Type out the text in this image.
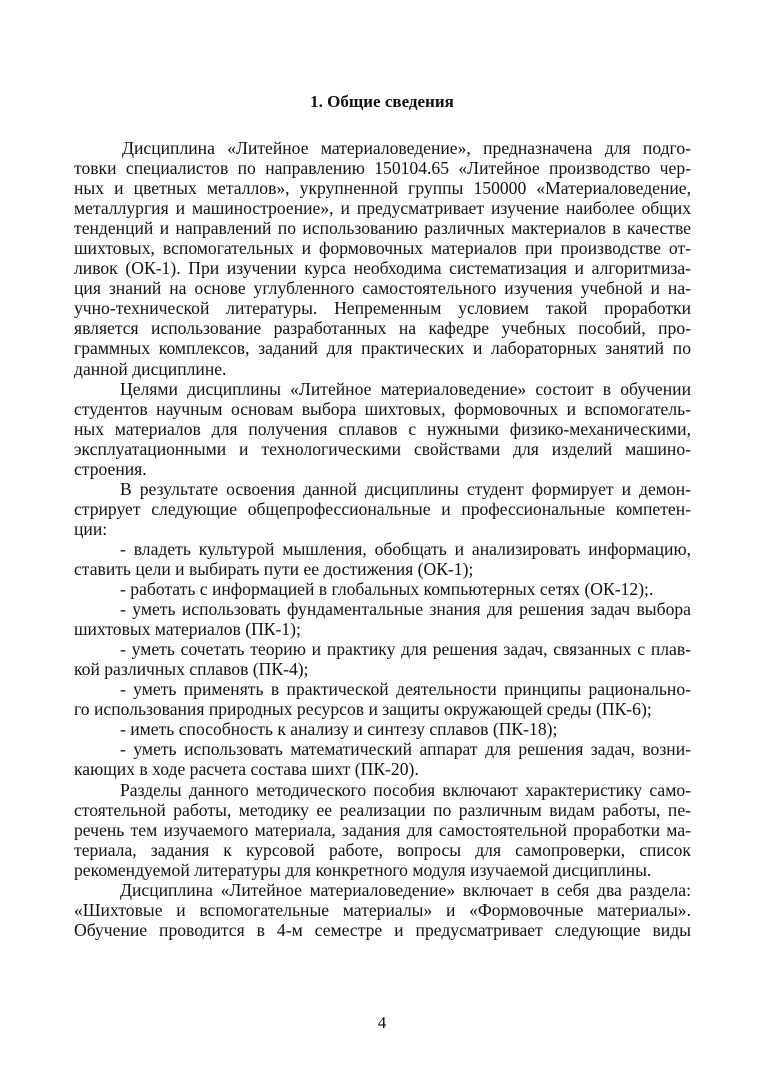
1. Общие сведения
Дисциплина «Литейное материаловедение», предназначена для подго-
товки специалистов по направлению 150104.65 «Литейное производство чер-
ных и цветных металлов», укрупненной группы 150000 «Материаловедение,
металлургия и машиностроение», и предусматривает изучение наиболее общих
тенденций и направлений по использованию различных мактериалов в качестве
шихтовых, вспомогательных и формовочных материалов при производстве от-
ливок (ОК-1). При изучении курса необходима систематизация и алгоритмиза-
ция знаний на основе углубленного самостоятельного изучения учебной и на-
учно-технической литературы. Непременным условием такой проработки
является использование разработанных на кафедре учебных пособий, про-
граммных комплексов, заданий для практических и лабораторных занятий по
данной дисциплине.
Целями дисциплины «Литейное материаловедение» состоит в обучении
студентов научным основам выбора шихтовых, формовочных и вспомогатель-
ных материалов для получения сплавов с нужными физико-механическими,
эксплуатационными и технологическими свойствами для изделий машино-
строения.
В результате освоения данной дисциплины студент формирует и демон-
стрирует следующие общепрофессиональные и профессиональные компетен-
ции:
- владеть культурой мышления, обобщать и анализировать информацию,
ставить цели и выбирать пути ее достижения (ОК-1);
- работать с информацией в глобальных компьютерных сетях (ОК-12);.
- уметь использовать фундаментальные знания для решения задач выбора
шихтовых материалов (ПК-1);
- уметь сочетать теорию и практику для решения задач, связанных с плав-
кой различных сплавов (ПК-4);
- уметь применять в практической деятельности принципы рационально-
го использования природных ресурсов и защиты окружающей среды (ПК-6);
- иметь способность к анализу и синтезу сплавов (ПК-18);
- уметь использовать математический аппарат для решения задач, возни-
кающих в ходе расчета состава шихт (ПК-20).
Разделы данного методического пособия включают характеристику само-
стоятельной работы, методику ее реализации по различным видам работы, пе-
речень тем изучаемого материала, задания для самостоятельной проработки ма-
териала, задания к курсовой работе, вопросы для самопроверки, список
рекомендуемой литературы для конкретного модуля изучаемой дисциплины.
Дисциплина «Литейное материаловедение» включает в себя два раздела:
«Шихтовые и вспомогательные материалы» и «Формовочные материалы».
Обучение проводится в 4-м семестре и предусматривает следующие виды
4
